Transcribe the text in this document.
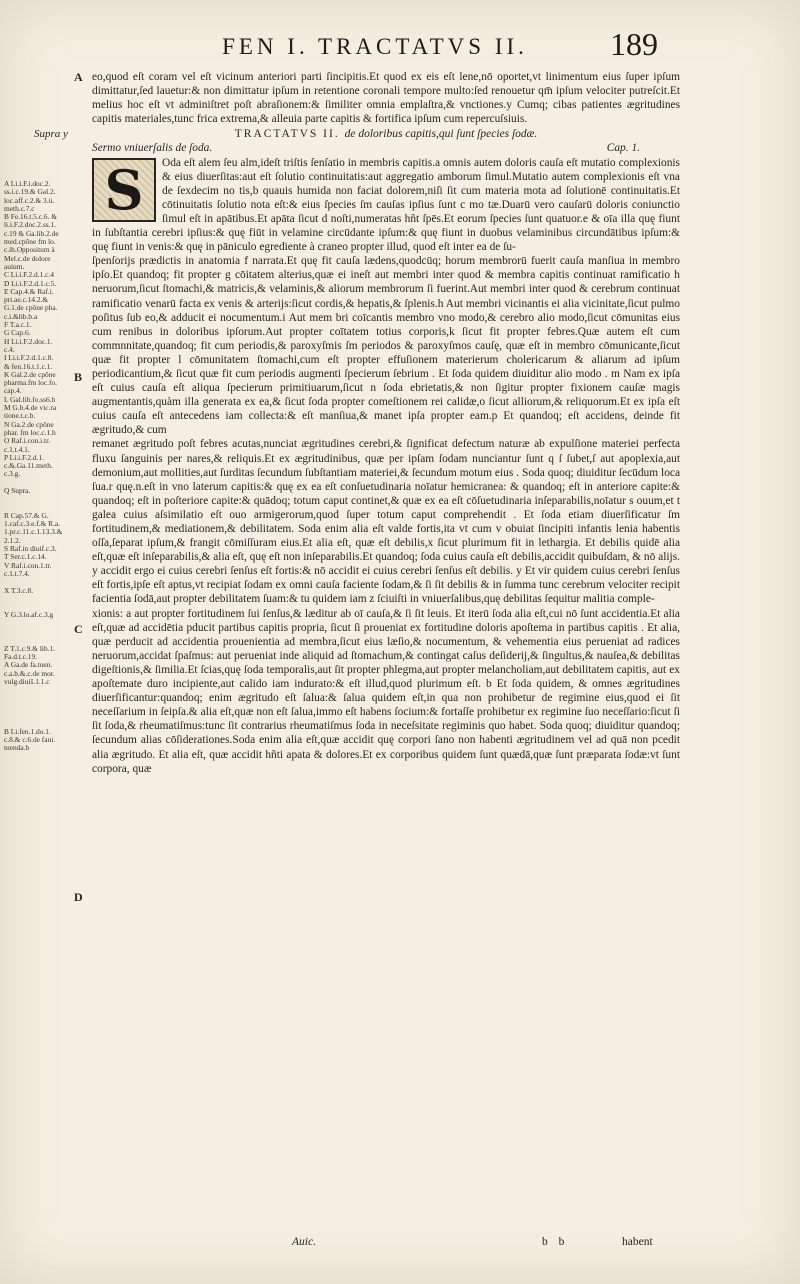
FEN I. TRACTATVS II.	189
Supra y
A Li.i.F.i.doc.2.
ss.i.c.19.& Gal.2.
loc.aff.c.2.& 3.ii.
meth.c.7.c
B Fe.16.t.5.c.6. &
li.i.F.2.doc.2.ss.1.
c.19 & Ga.lib.2.de
med.cpōne fm lo.
c.ib.Oppositum à
Mel.c.de dolore
auium.
C Li.i.F.2.d.1.c.4
D Li.i.F.2.d.1.c.5.
E Cap.4.& Raf.i.
pri.ae.c.14.2.&
G.1.de cpōne pha.
c.i.&lib.b.a
F T.a.c.1.
G Cap.6.
H Li.i.F.2.doc.1.
c.4.
I Li.i.F.2.d.1.c.8.
& fen.16.t.1.c.1.
K Gal.2.de cpōne
pharma.fm loc.fo.
cap.4.
L Gal.lib.fo.ss6.h
M G.b.4.de vic.ra
tione.t.c.b.
N Ga.2.de cpōne
phar. fm loc.c.1.h
O Raf.i.con.i.tr.
c.1.t.4.1.
P Li.i.F.2.d.1.
c.&.Ga.11.meth.
c.3.g.

Q Supra.

R Cap.57.& G.
1.caf.c.3.e.f.& R.a.
1.pr.c.11.c.1.13.3.&
2.1.2.
S Raf.in diuif.c.3.
T Ser.c.1.c.14.
V Raf.i.con.1.tr.
c.1.t.7.4.

X T.3.c.8.

Y G.3.lo.af.c.3.g

Z T.1.c.9.& lib.1.
Fa.d.t.c.19.
A Ga.de fa.tuen.
c.a.b.&.c.de mor.
vulg.diuiš.1.1.c

B Li.fen.1.do.1.
c.8.& c.6.de fani.
tuenda.b
A
B
C
D

eo,quod eſt coram vel eſt vicinum anteriori parti ſincipitis.Et quod ex eis eſt lene,nō oportet,vt linimentum eius ſuper ipſum dimittatur,ſed lauetur:& non dimittatur ipſum in retentione coronali tempore multo:ſed renouetur qm̄ ipſum velociter putreſcit.Et melius hoc eſt vt adminiſtret poſt abraſionem:& ſimiliter omnia emplaſtra,& vnctiones.y Cumq; cibas patientes ægritudines capitis materiales,tunc frica extrema,& alleuia parte capitis & fortifica ipſum cum repercuſsiuis.

TRACTATVS II. de doloribus capitis,qui ſunt ſpecies ſodæ.
Sermo vniuerſalis de ſoda.	Cap. 1.
S	Oda eſt alem ſeu alm,ideſt triſtis ſenſatio in membris capitis.a omnis autem doloris cauſa eſt mutatio complexionis & eius diuerſitas:aut eſt ſolutio continuitatis:aut aggregatio amborum ſimul.Mutatio autem complexionis eſt vna de ſexdecim no tis,b quauis humida non faciat dolorem,niſi ſit cum materia mota ad ſolutionē continuitatis.Et cōtinuitatis ſolutio nota eſt:& eius ſpecies ſm cauſas ipſius ſunt c mo tæ.Duarū vero cauſarū doloris coniunctio ſimul eſt in apātibus.Et apāta ſicut d noſti,numeratas hñt ſpēs.Et eorum ſpecies ſunt quatuor.e & oīa illa quę fiunt in ſubſtantia cerebri ipſius:& quę fiūt in velamine circūdante ipſum:& quę fiunt in duobus velaminibus circundātibus ipſum:& quę fiunt in venis:& quę in pāniculo egrediente à craneo propter illud, quod eſt inter ea de ſu-

ſpenſorijs prædictis in anatomia f narrata.Et quę fit cauſa lædens,quodcūq; horum membrorū fuerit cauſa manſiua in membro ipſo.Et quandoq; fit propter g cōitatem alterius,quæ ei ineſt aut membri inter quod & membra capitis continuat ramificatio h neruorum,ſicut ſtomachi,& matricis,& velaminis,& aliorum membrorum ſi fuerint.Aut membri inter quod & cerebrum continuat ramificatio venarū facta ex venis & arterijs:ſicut cordis,& hepatis,& ſplenis.h Aut membri vicinantis ei alia vicinitate,ſicut pulmo poſitus ſub eo,& adducit ei nocumentum.i Aut mem bri coīcantis membro vno modo,& cerebro alio modo,ſicut cōmunitas eius cum renibus in doloribus ipſorum.Aut propter coītatem totius corporis,k ſicut fit propter febres.Quæ autem eſt cum commnnitate,quandoq; fit cum periodis,& paroxyſmis ſm periodos & paroxyſmos cauſę, quæ eſt in membro cōmunicante,ſicut quæ fit propter l cōmunitatem ſtomachi,cum eſt propter effuſionem materierum cholericarum & aliarum ad ipſum periodicantium,& ſicut quæ fit cum periodis augmenti ſpecierum ſebrium . Et ſoda quidem diuiditur alio modo . m Nam ex ipſa eſt cuius cauſa eſt aliqua ſpecierum primitiuarum,ſicut n ſoda ebrietatis,& non ſigitur propter fixionem cauſæ magis augmentantis,quàm illa generata ex ea,& ſicut ſoda propter comeſtionem rei calidæ,o ſicut alliorum,& reliquorum.Et ex ipſa eſt cuius cauſa eſt antecedens iam collecta:& eſt manſiua,& manet ipſa propter eam.p Et quandoq; eſt accidens, deinde fit ægritudo,& cum

remanet ægritudo poſt febres acutas,nunciat ægritudines cerebri,& ſignificat defectum naturæ ab expulſione materiei perfecta fluxu ſanguinis per nares,& reliquis.Et ex ægritudinibus, quæ per ipſam ſodam nunciantur ſunt q ſ ſubet,ſ aut apoplexia,aut demonium,aut mollities,aut ſurditas ſecundum ſubſtantiam materiei,& ſecundum motum eius . Soda quoq; diuiditur ſecūdum loca ſua.r quę.n.eſt in vno laterum capitis:& quę ex ea eſt conſuetudinaria noīatur hemicranea: & quandoq; eſt in anteriore capite:& quandoq; eſt in poſteriore capite:& quādoq; totum caput continet,& quæ ex ea eſt cōſuetudinaria inſeparabilis,noīatur s ouum,et t galea cuius aſsimilatio eſt ouo armigerorum,quod ſuper totum caput comprehendit . Et ſoda etiam diuerſificatur ſm fortitudinem,& mediationem,& debilitatem. Soda enim alia eſt valde fortis,ita vt cum v obuiat ſincipiti infantis lenia habentis oſſa,ſeparat ipſum,& frangit cōmiſſuram eius.Et alia eſt, quæ eſt debilis,x ſicut plurimum fit in lethargia. Et debilis quidē alia eſt,quæ eſt inſeparabilis,& alia eſt, quę eſt non inſeparabilis.Et quandoq; ſoda cuius cauſa eſt debilis,accidit quibuſdam, & nō alijs. y accidit ergo ei cuius cerebri ſenſus eſt fortis:& nō accidit ei cuius cerebri ſenſus eſt debilis. y Et vir quidem cuius cerebri ſenſus eſt fortis,ipſe eſt aptus,vt recipiat ſodam ex omni cauſa faciente ſodam,& ſi ſit debilis & in ſumma tunc cerebrum velociter recipit facientia ſodā,aut propter debilitatem ſuam:& tu quidem iam z ſciuiſti in vniuerſalibus,quę debilitas ſequitur malitia comple-

xionis: a aut propter fortitudinem ſui ſenſus,& læditur ab oī cauſa,& ſi ſit leuis. Et iterū ſoda alia eſt,cui nō ſunt accidentia.Et alia eſt,quæ ad accidētia pducit partibus capitis propria, ſicut ſi proueniat ex fortitudine doloris apoſtema in partibus capitis . Et alia, quæ perducit ad accidentia prouenientia ad membra,ſicut eius læſio,& nocumentum, & vehementia eius perueniat ad radices neruorum,accidat ſpaſmus: aut perueniat inde aliquid ad ſtomachum,& contingat caſus deſiderij,& ſingultus,& nauſea,& debilitas digeſtionis,& ſimilia.Et ſcias,quę ſoda temporalis,aut ſit propter phlegma,aut propter melancholiam,aut debilitatem capitis, aut ex apoſtemate duro incipiente,aut calido iam indurato:& eſt illud,quod plurimum eſt. b Et ſoda quidem, & omnes ægritudines diuerſificantur:quandoq; enim ægritudo eſt ſalua:& ſalua quidem eſt,in qua non prohibetur de regimine eius,quod ei ſit neceſſarium in ſeipſa.& alia eſt,quæ non eſt ſalua,immo eſt habens ſocium:& fortaſſe prohibetur ex regimine ſuo neceſſario:ſicut ſi ſit ſoda,& rheumatiſmus:tunc ſit contrarius rheumatiſmus ſoda in neceſsitate regiminis quo habet. Soda quoq; diuiditur quandoq; ſecundum alias cōſiderationes.Soda enim alia eſt,quæ accidit quę corpori ſano non habenti ægritudinem vel ad quā non pcedit alia ægritudo. Et alia eſt, quæ accidit hñti apata & dolores.Et ex corporibus quidem ſunt quædā,quæ ſunt præparata ſodæ:vt ſunt corpora, quæ

Auic.	b b	habent
